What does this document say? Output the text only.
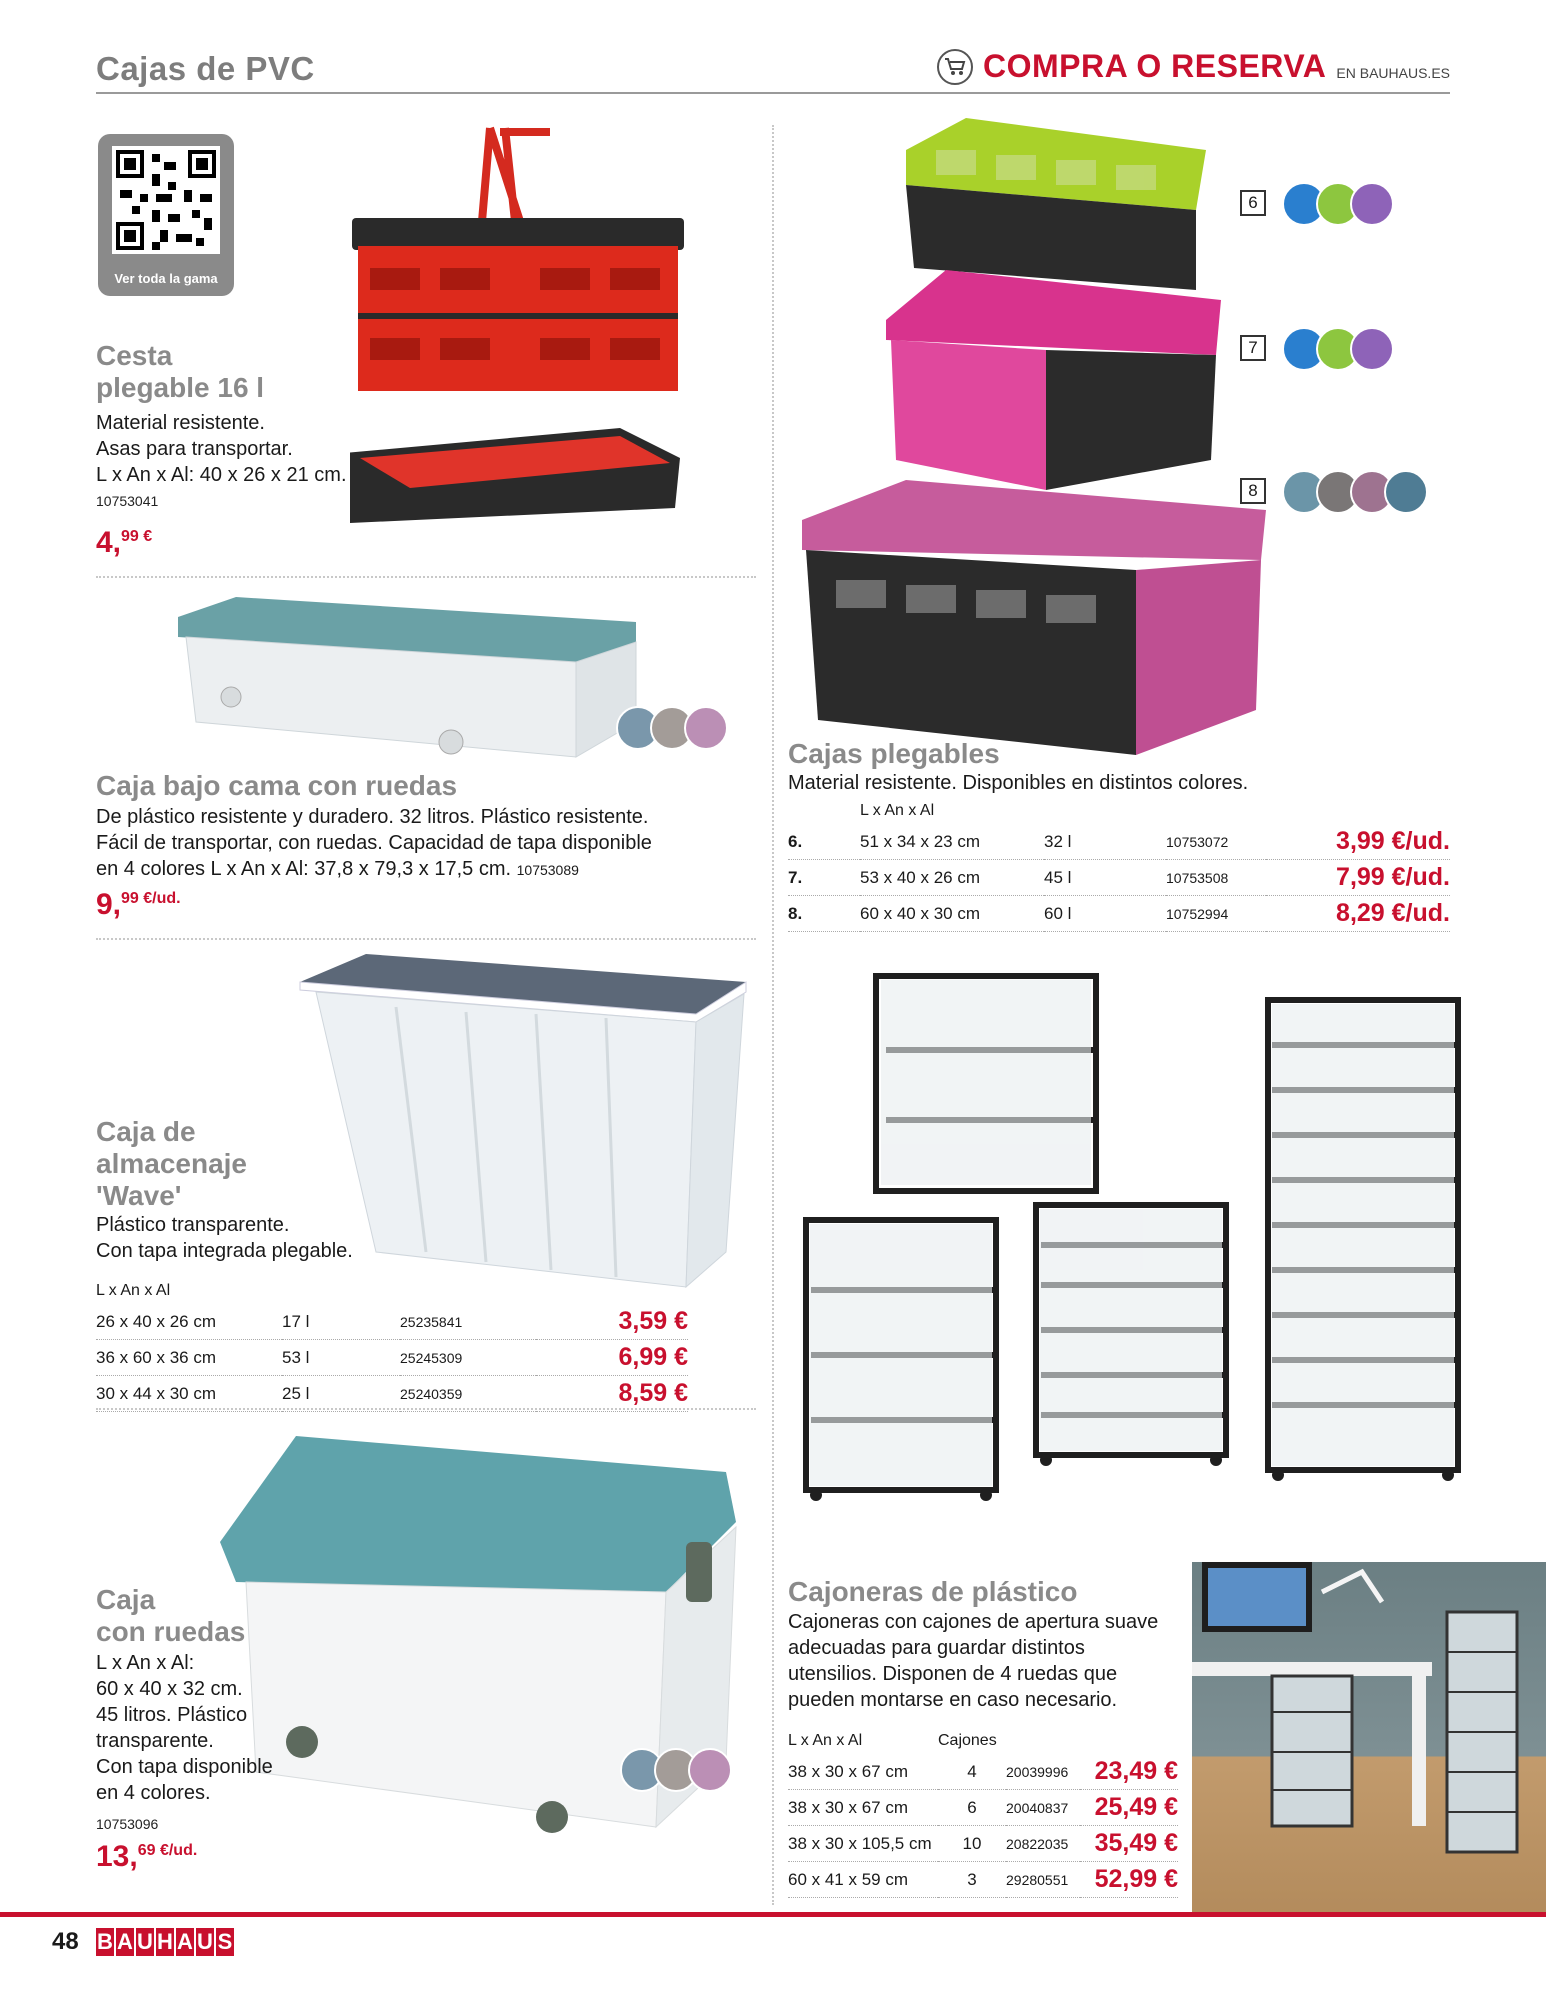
Cajas de PVC	COMPRA O RESERVA EN BAUHAUS.ES
Ver toda la gama
Cesta
plegable 16 l
Material resistente.
Asas para transportar.
L x An x Al: 40 x 26 x 21 cm.
10753041
4,$^{99 €}$
Caja bajo cama con ruedas
De plástico resistente y duradero. 32 litros. Plástico resistente.
Fácil de transportar, con ruedas. Capacidad de tapa disponible
en 4 colores L x An x Al: 37,8 x 79,3 x 17,5 cm. 10753089
9,$^{99 €/ud.}$
Caja de
almacenaje
'Wave'
Plástico transparente.
Con tapa integrada plegable.
L x An x Al			
26 x 40 x 26 cm	17 l	25235841	3,59 €
36 x 60 x 36 cm	53 l	25245309	6,99 €
30 x 44 x 30 cm	25 l	25240359	8,59 €
Caja
con ruedas
L x An x Al:
60 x 40 x 32 cm.
45 litros. Plástico
transparente.
Con tapa disponible
en 4 colores.
10753096
13,$^{69 €/ud.}$
6
7
8
Cajas plegables
Material resistente. Disponibles en distintos colores.
	L x An x Al			
6.	51 x 34 x 23 cm	32 l	10753072	3,99 €/ud.
7.	53 x 40 x 26 cm	45 l	10753508	7,99 €/ud.
8.	60 x 40 x 30 cm	60 l	10752994	8,29 €/ud.
Cajoneras de plástico
Cajoneras con cajones de apertura suave
adecuadas para guardar distintos
utensilios. Disponen de 4 ruedas que
pueden montarse en caso necesario.
L x An x Al	Cajones		
38 x 30 x 67 cm	4	20039996	23,49 €
38 x 30 x 67 cm	6	20040837	25,49 €
38 x 30 x 105,5 cm	10	20822035	35,49 €
60 x 41 x 59 cm	3	29280551	52,99 €
48 B A U H A U S
